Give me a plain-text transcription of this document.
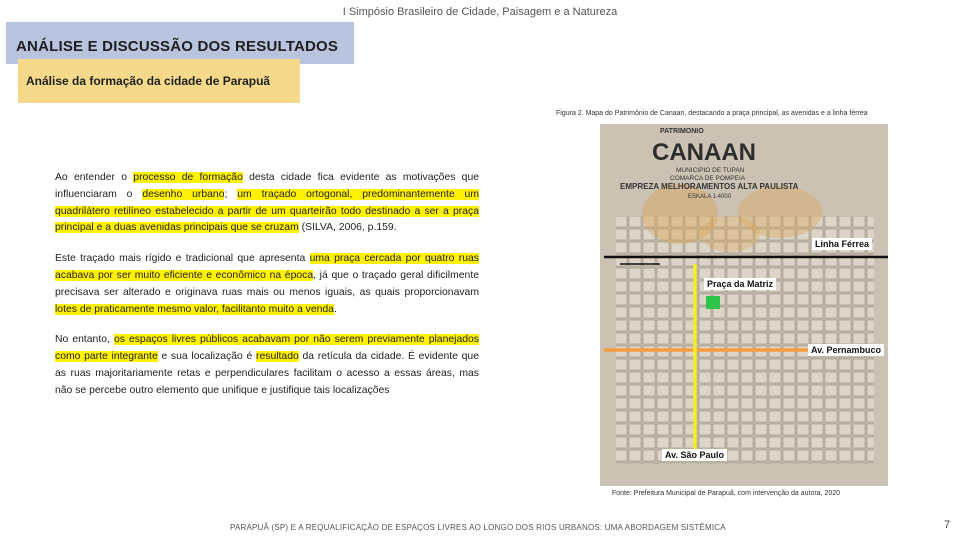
I Simpósio Brasileiro de Cidade, Paisagem e a Natureza
ANÁLISE E DISCUSSÃO DOS RESULTADOS
Análise da formação da cidade de Parapuã
Figura 2. Mapa do Patrimônio de Canaan, destacando a praça principal, as avenidas e a linha férrea

Ao entender o processo de formação desta cidade fica evidente as motivações que influenciaram o desenho urbano; um traçado ortogonal, predominantemente um quadrilátero retilíneo estabelecido a partir de um quarteirão todo destinado a ser a praça principal e a duas avenidas principais que se cruzam (SILVA, 2006, p.159.

Este traçado mais rígido e tradicional que apresenta uma praça cercada por quatro ruas acabava por ser muito eficiente e econômico na época, já que o traçado geral dificilmente precisava ser alterado e originava ruas mais ou menos iguais, as quais proporcionavam lotes de praticamente mesmo valor, facilitanto muito a venda.

No entanto, os espaços livres públicos acabavam por não serem previamente planejados como parte integrante e sua localização é resultado da retícula da cidade. É evidente que as ruas majoritariamente retas e perpendiculares facilitam o acesso a essas áreas, mas não se percebe outro elemento que unifique e justifique tais localizações

PATRIMONIO
CANAAN
MUNICIPIO DE TUPAN
COMARCA DE POMPEIA
EMPREZA MELHORAMENTOS ALTA PAULISTA
ESKALA 1:4000
Linha Férrea
Praça da Matriz
Av. Pernambuco
Av. São Paulo
Fonte: Prefeitura Municipal de Parapuã, com intervenção da autora, 2020
PARAPUÃ (SP) E A REQUALIFICAÇÃO DE ESPAÇOS LIVRES AO LONGO DOS RIOS URBANOS: UMA ABORDAGEM SISTÊMICA	7
